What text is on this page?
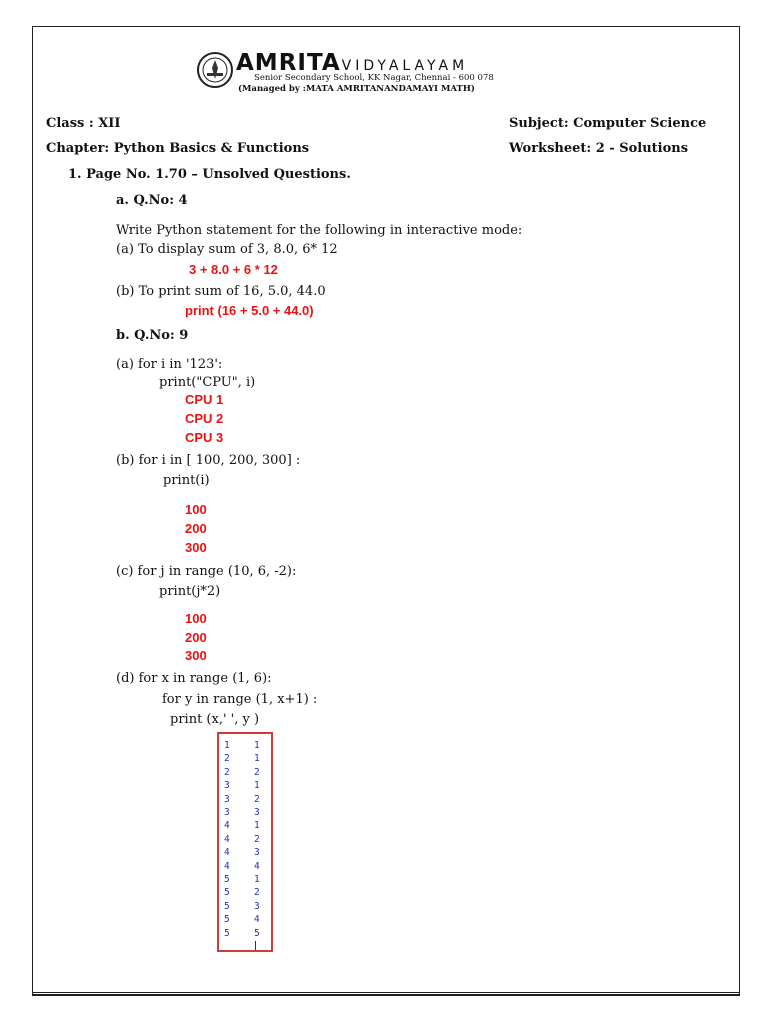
AMRITAVIDYALAYAM
Senior Secondary School, KK Nagar, Chennai - 600 078
(Managed by :MATA AMRITANANDAMAYI MATH)
Class : XII	Subject: Computer Science
Chapter: Python Basics & Functions	Worksheet: 2 - Solutions
1. Page No. 1.70 – Unsolved Questions.
a. Q.No: 4
Write Python statement for the following in interactive mode:
(a) To display sum of 3, 8.0, 6* 12
3 + 8.0 + 6 * 12
(b) To print sum of 16, 5.0, 44.0
print (16 + 5.0 + 44.0)
b. Q.No: 9
(a) for i in '123':
print("CPU", i)
CPU 1
CPU 2
CPU 3
(b) for i in [ 100, 200, 300] :
print(i)
100
200
300
(c) for j in range (10, 6, -2):
print(j*2)
100
200
300
(d) for x in range (1, 6):
for y in range (1, x+1) :
print (x,' ', y )
1	1
2	1
2	2
3	1
3	2
3	3
4	1
4	2
4	3
4	4
5	1
5	2
5	3
5	4
5	5
